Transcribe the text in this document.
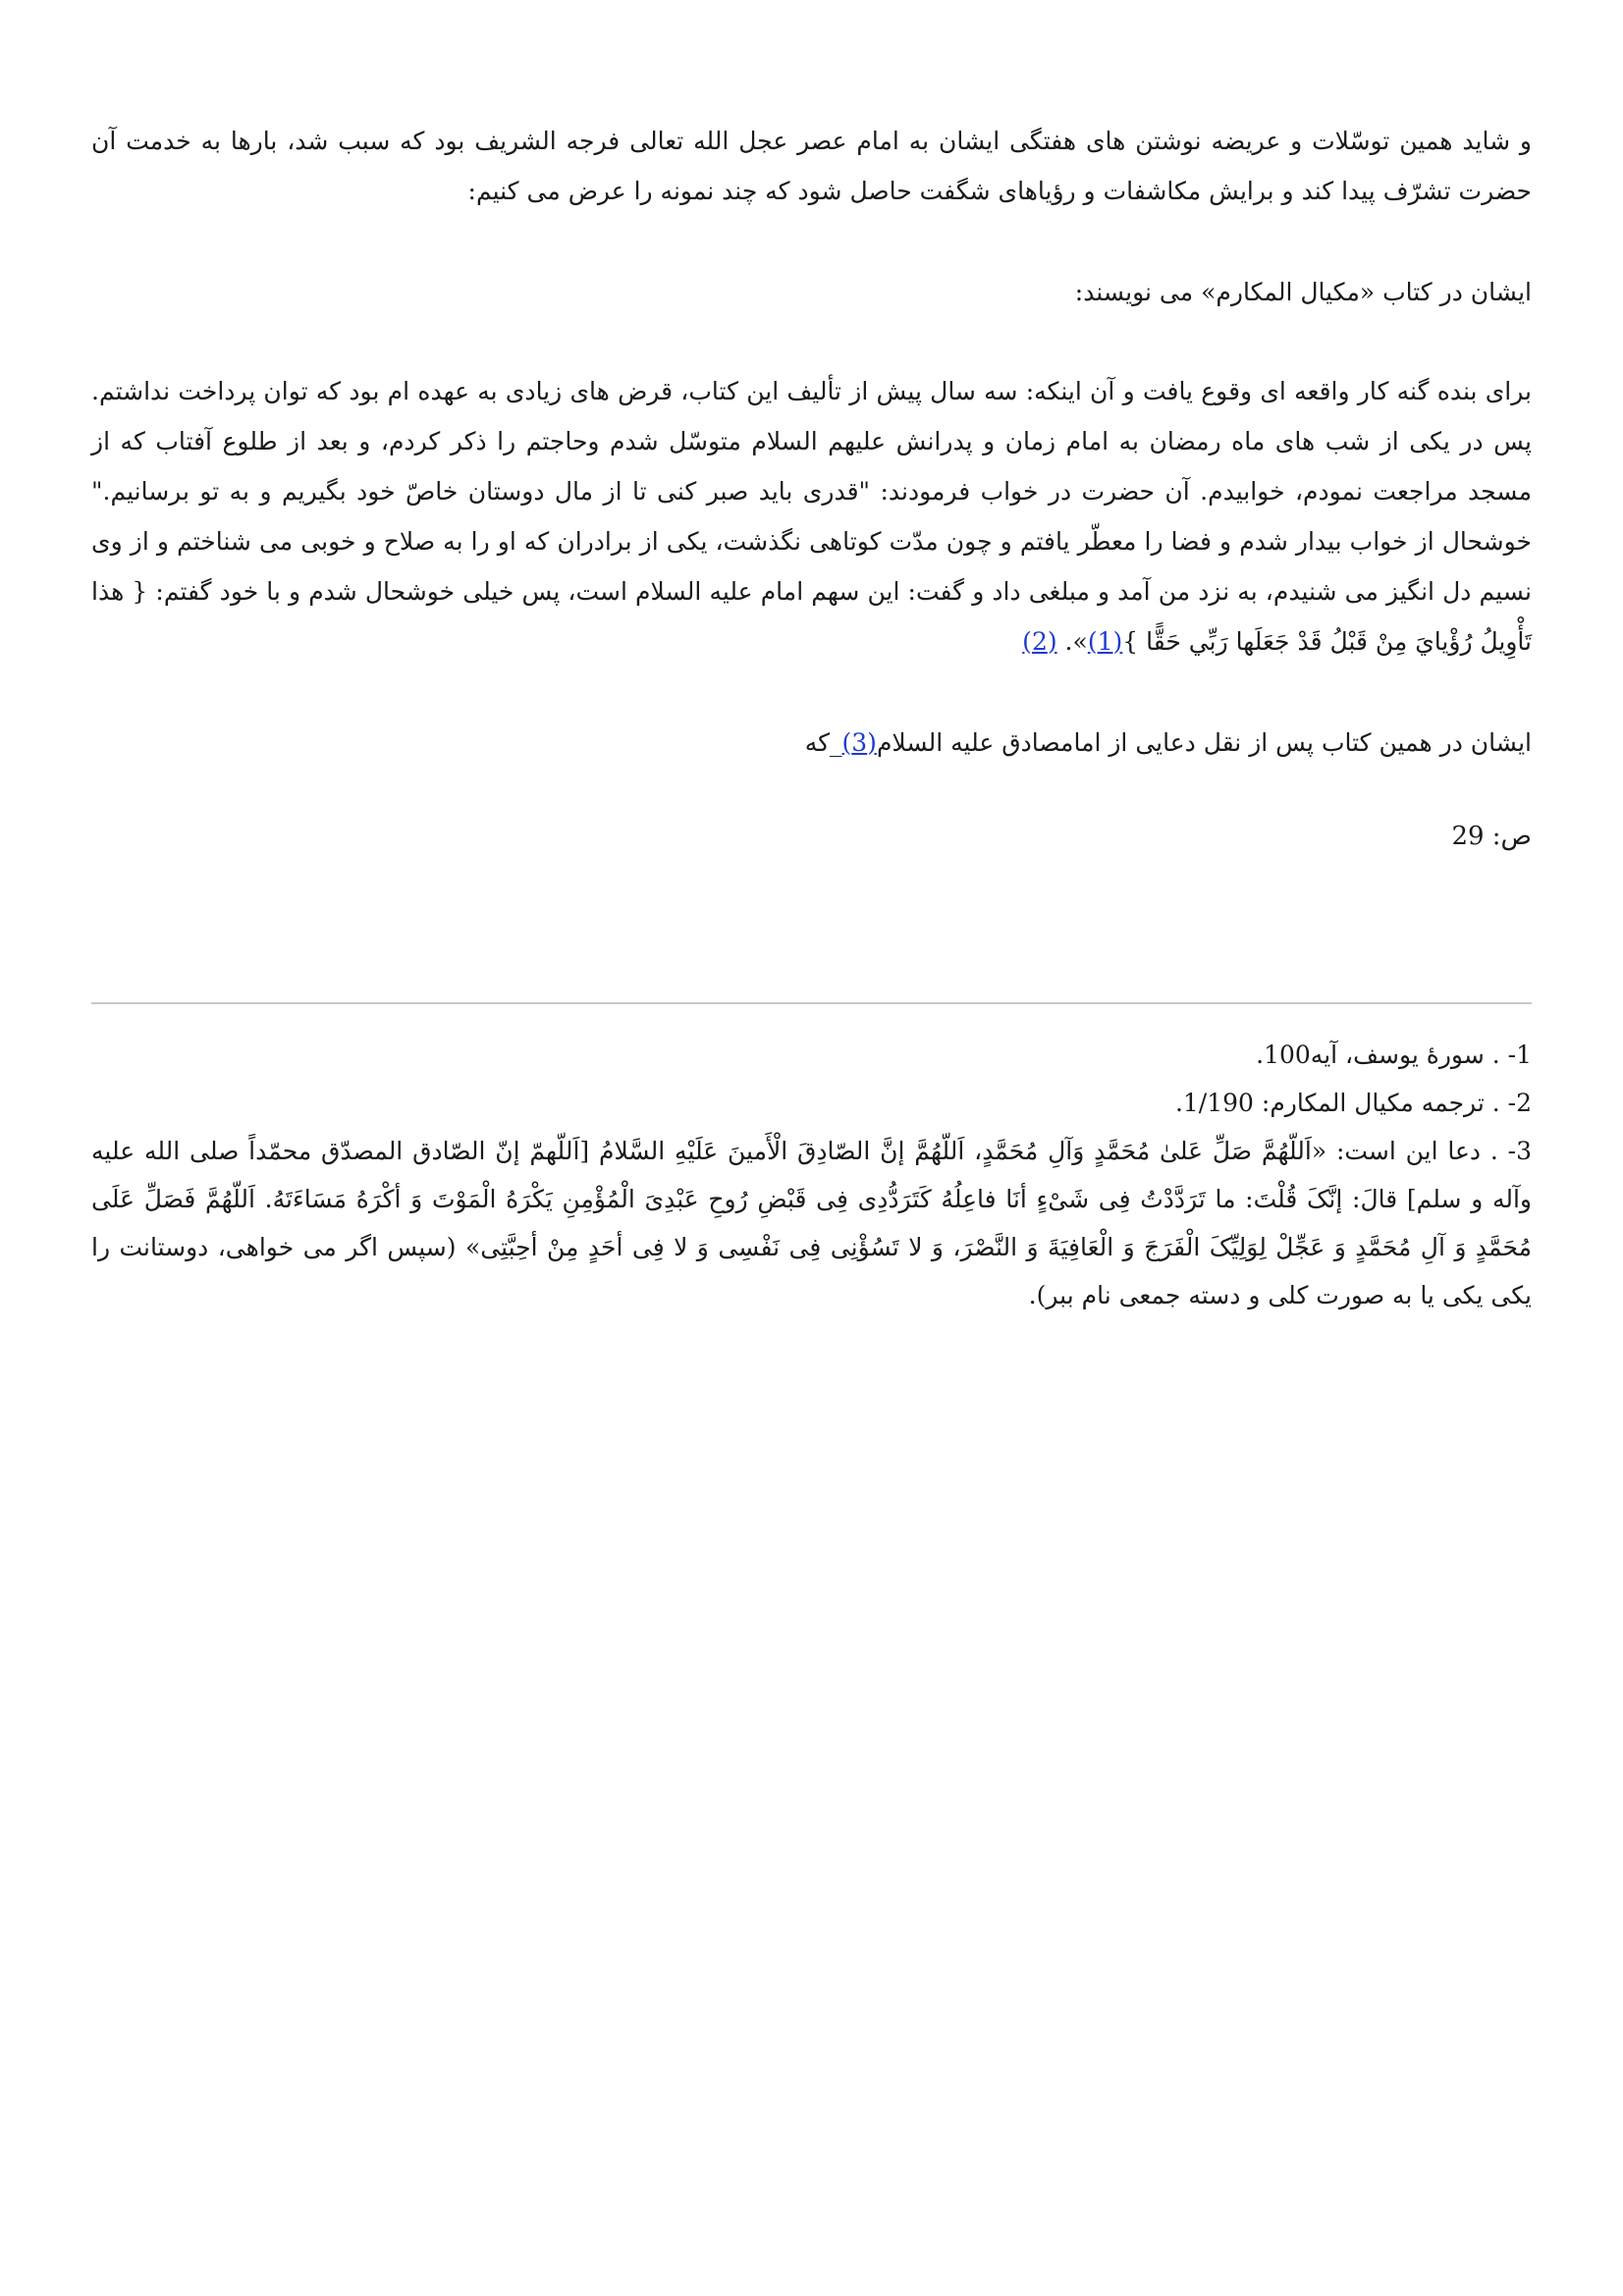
و شاید همین توسّلات و عریضه نوشتن های هفتگی ایشان به امام عصر عجل الله تعالی فرجه الشریف بود که سبب شد، بارها به خدمت آن حضرت تشرّف پیدا کند و برایش مکاشفات و رؤیاهای شگفت حاصل شود که چند نمونه را عرض می کنیم:

ایشان در کتاب «مکیال المکارم» می نویسند:

برای بنده گنه کار واقعه ای وقوع یافت و آن اینکه: سه سال پیش از تألیف این کتاب، قرض های زیادی به عهده ام بود که توان پرداخت نداشتم. پس در یکی از شب های ماه رمضان به امام زمان و پدرانش علیهم السلام متوسّل شدم وحاجتم را ذکر کردم، و بعد از طلوع آفتاب که از مسجد مراجعت نمودم، خوابیدم. آن حضرت در خواب فرمودند: "قدری باید صبر کنی تا از مال دوستان خاصّ خود بگیریم و به تو برسانیم." خوشحال از خواب بیدار شدم و فضا را معطّر یافتم و چون مدّت کوتاهی نگذشت، یکی از برادران که او را به صلاح و خوبی می شناختم و از وی نسیم دل انگیز می شنیدم، به نزد من آمد و مبلغی داد و گفت: این سهم امام علیه السلام است، پس خیلی خوشحال شدم و با خود گفتم: { هذا تَأْوِيلُ رُؤْيايَ مِنْ قَبْلُ قَدْ جَعَلَها رَبِّي حَقًّا }(1)». (2)

ایشان در همین کتاب پس از نقل دعایی از امامصادق علیه السلام(3)_که

ص: 29

1- . سورۀ یوسف، آیه100.

2- . ترجمه مکیال المکارم: 1/190.

3- . دعا این است: «اَللّهُمَّ صَلِّ عَلیٰ مُحَمَّدٍ وَآلِ مُحَمَّدٍ، اَللّهُمَّ إنَّ الصّادِقَ الْأَمینَ عَلَیْهِ السَّلامُ [اَللّهمّ إنّ الصّادق المصدّق محمّداً صلی الله علیه وآله و سلم] قالَ: إنَّکَ قُلْتَ: ما تَرَدَّدْتُ فِی شَیْءٍ أنَا فاعِلُهُ کَتَرَدُّدِی فِی قَبْضِ رُوحِ عَبْدِیَ الْمُؤْمِنِ یَکْرَهُ الْمَوْتَ وَ أکْرَهُ مَسَاءَتَهُ. اَللّهُمَّ فَصَلِّ عَلَی مُحَمَّدٍ وَ آلِ مُحَمَّدٍ وَ عَجِّلْ لِوَلِیِّکَ الْفَرَجَ وَ الْعَافِیَةَ وَ النَّصْرَ، وَ لا تَسُؤْنِی فِی نَفْسِی وَ لا فِی أحَدٍ مِنْ أحِبَّتِی» (سپس اگر می خواهی، دوستانت را یکی یکی یا به صورت کلی و دسته جمعی نام ببر).
